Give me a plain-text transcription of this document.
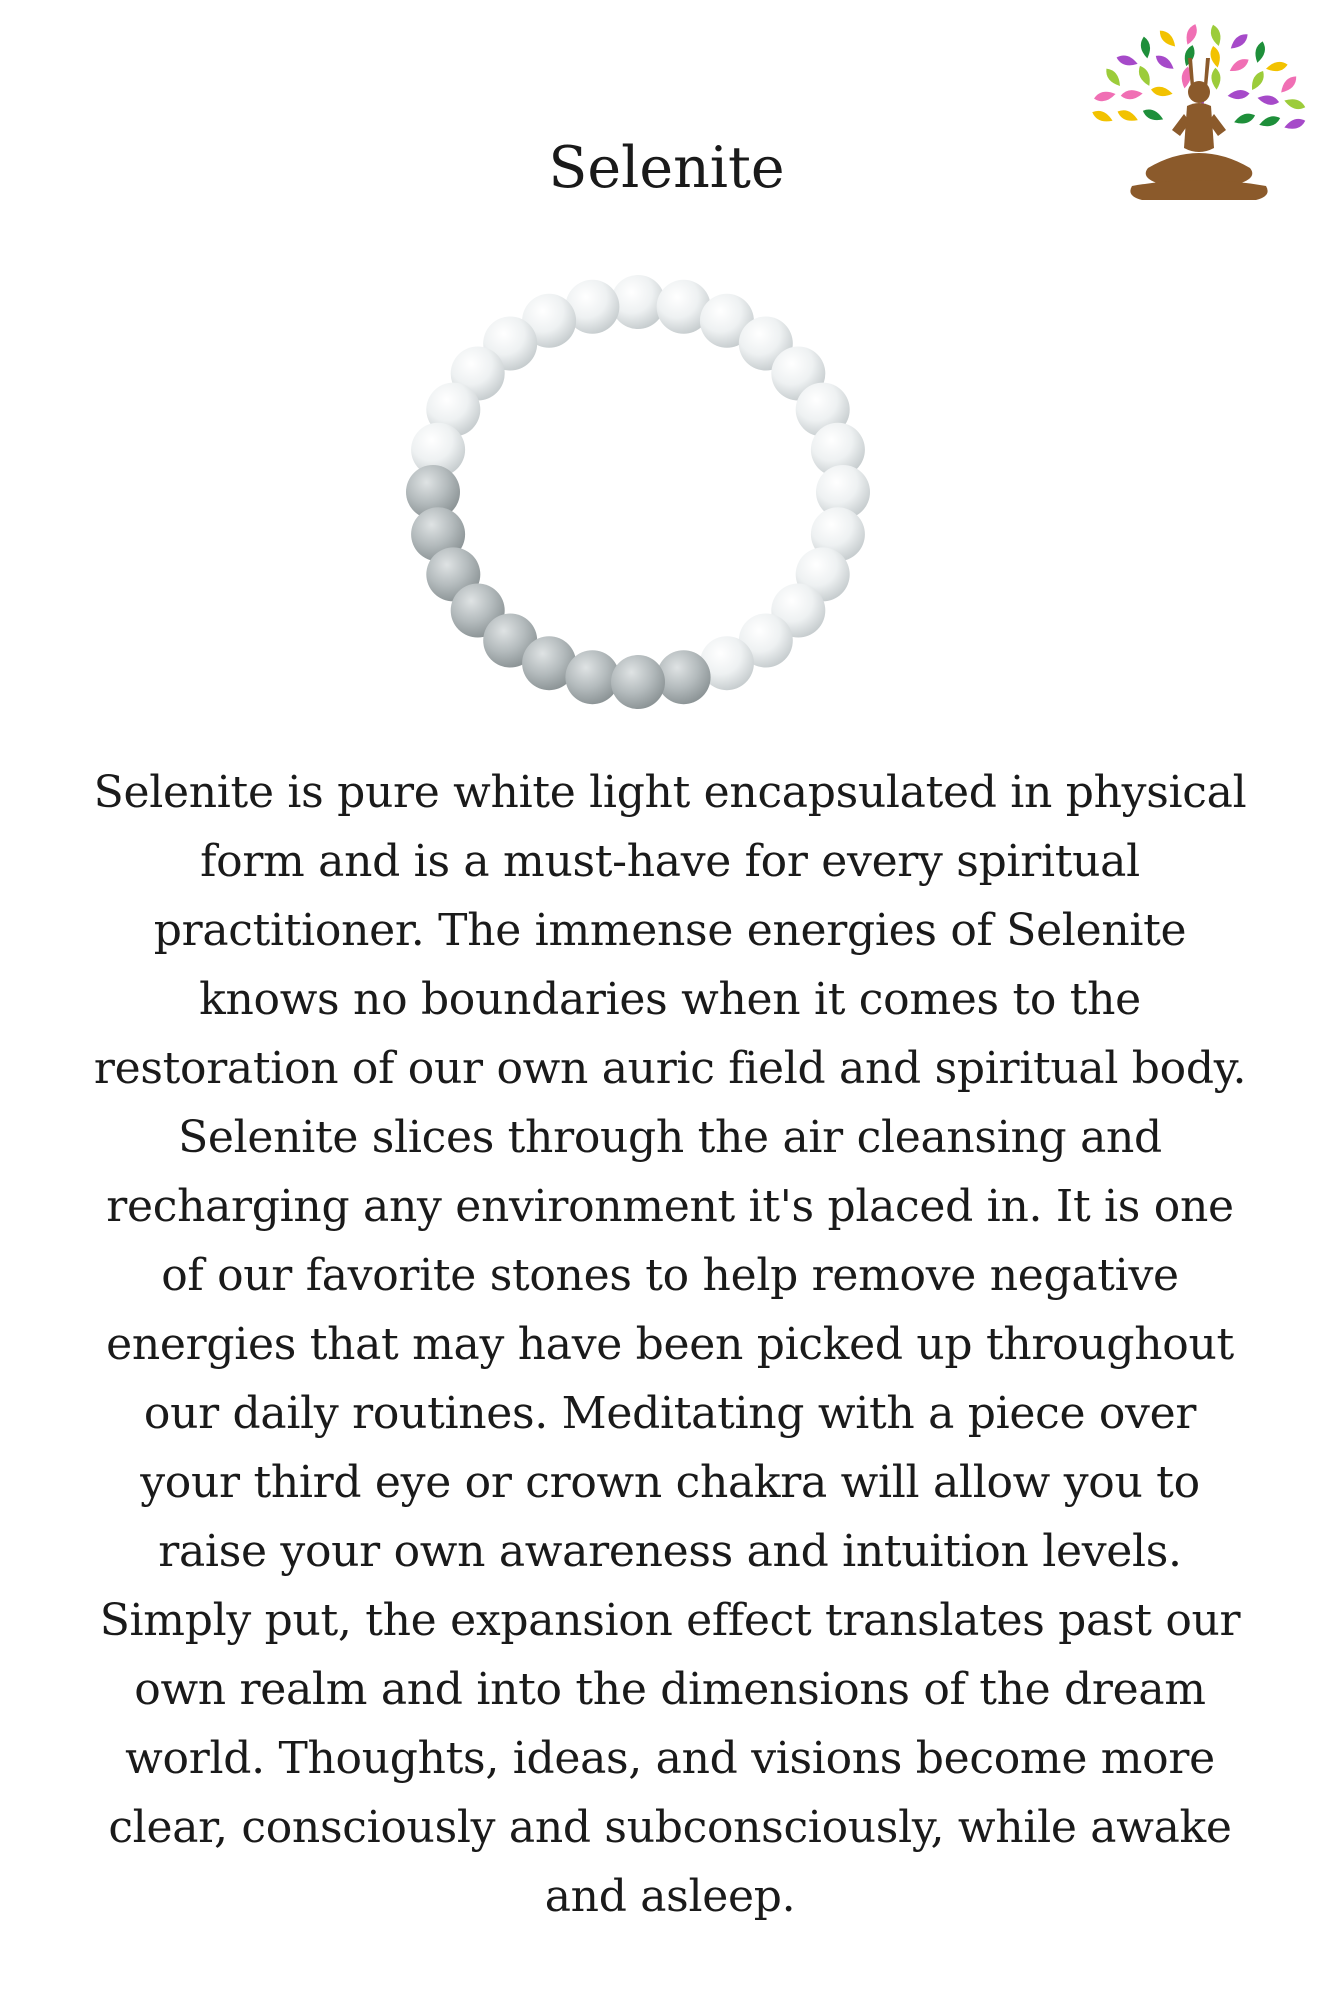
Selenite

Selenite is pure white light encapsulated in physical form and is a must-have for every spiritual practitioner. The immense energies of Selenite knows no boundaries when it comes to the restoration of our own auric field and spiritual body. Selenite slices through the air cleansing and recharging any environment it's placed in. It is one of our favorite stones to help remove negative energies that may have been picked up throughout our daily routines. Meditating with a piece over your third eye or crown chakra will allow you to raise your own awareness and intuition levels. Simply put, the expansion effect translates past our own realm and into the dimensions of the dream world. Thoughts, ideas, and visions become more clear, consciously and subconsciously, while awake and asleep.
